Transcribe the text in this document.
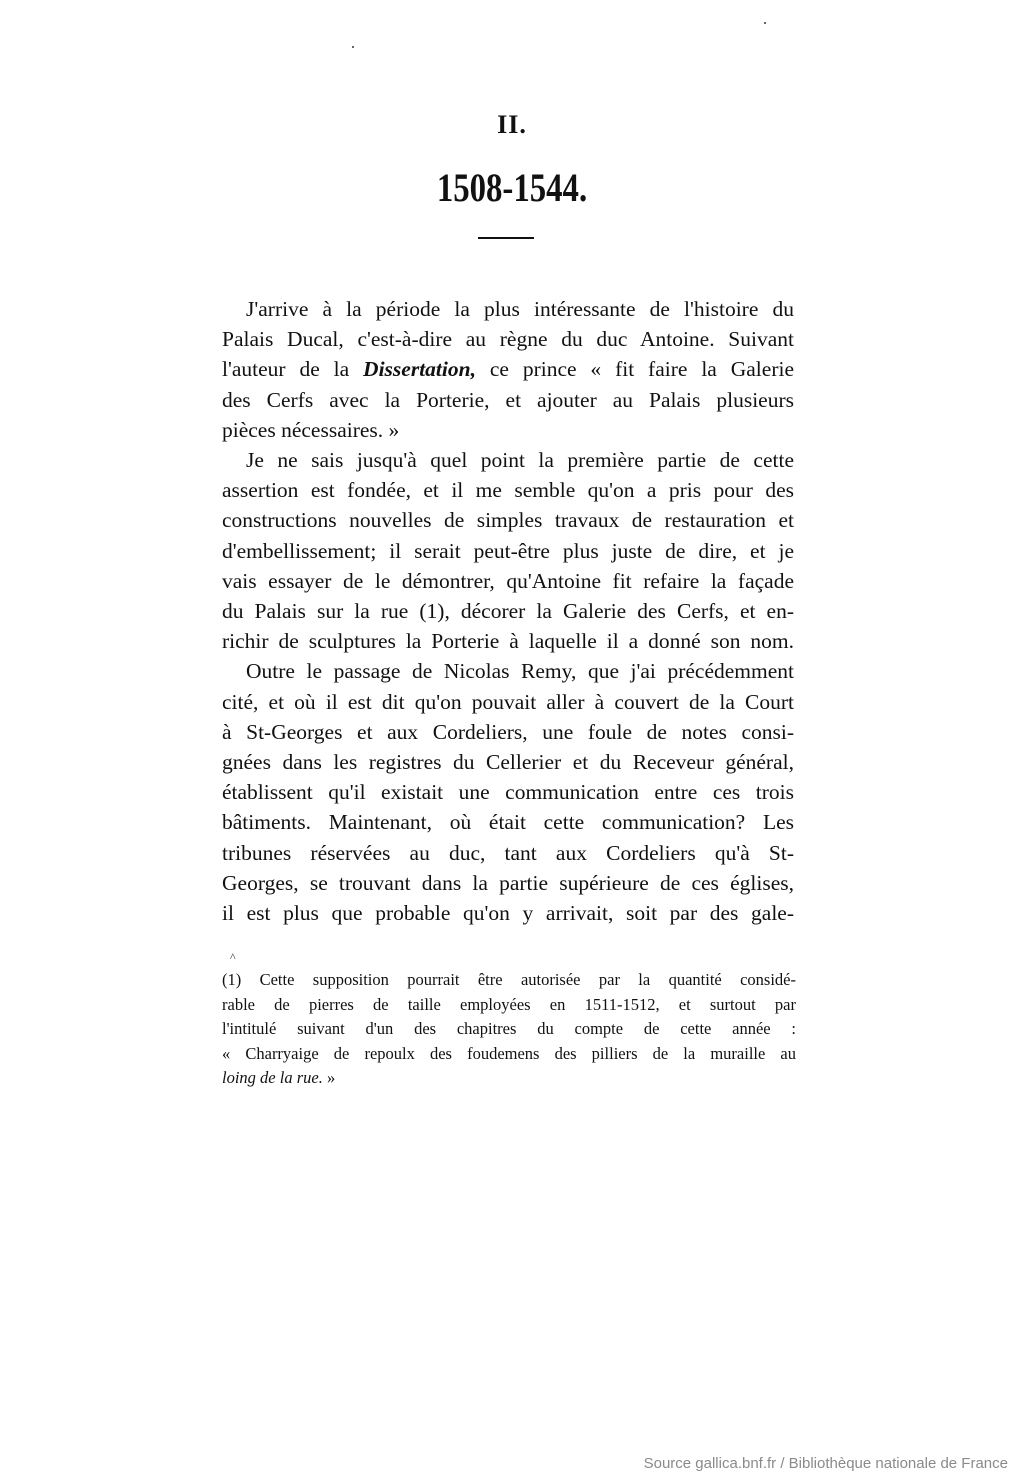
II.
1508-1544.
J'arrive à la période la plus intéressante de l'histoire du
Palais Ducal, c'est-à-dire au règne du duc Antoine. Suivant
l'auteur de la Dissertation, ce prince « fit faire la Galerie
des Cerfs avec la Porterie, et ajouter au Palais plusieurs
pièces nécessaires. »
Je ne sais jusqu'à quel point la première partie de cette
assertion est fondée, et il me semble qu'on a pris pour des
constructions nouvelles de simples travaux de restauration et
d'embellissement; il serait peut-être plus juste de dire, et je
vais essayer de le démontrer, qu'Antoine fit refaire la façade
du Palais sur la rue (1), décorer la Galerie des Cerfs, et en-
richir de sculptures la Porterie à laquelle il a donné son nom.
Outre le passage de Nicolas Remy, que j'ai précédemment
cité, et où il est dit qu'on pouvait aller à couvert de la Court
à St-Georges et aux Cordeliers, une foule de notes consi-
gnées dans les registres du Cellerier et du Receveur général,
établissent qu'il existait une communication entre ces trois
bâtiments. Maintenant, où était cette communication? Les
tribunes réservées au duc, tant aux Cordeliers qu'à St-
Georges, se trouvant dans la partie supérieure de ces églises,
il est plus que probable qu'on y arrivait, soit par des gale-
^
(1) Cette supposition pourrait être autorisée par la quantité considé-
rable de pierres de taille employées en 1511-1512, et surtout par
l'intitulé suivant d'un des chapitres du compte de cette année :
« Charryaige de repoulx des foudemens des pilliers de la muraille au
loing de la rue. »
Source gallica.bnf.fr / Bibliothèque nationale de France
